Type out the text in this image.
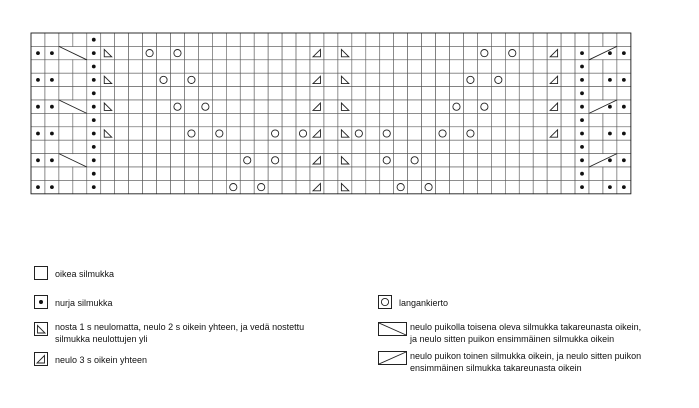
oikea silmukka
nurja silmukka
nosta 1 s neulomatta, neulo 2 s oikein yhteen, ja vedä nostettu
silmukka neulottujen yli
neulo 3 s oikein yhteen
langankierto
neulo puikolla toisena oleva silmukka takareunasta oikein,
ja neulo sitten puikon ensimmäinen silmukka oikein
neulo puikon toinen silmukka oikein, ja neulo sitten puikon
ensimmäinen silmukka takareunasta oikein
